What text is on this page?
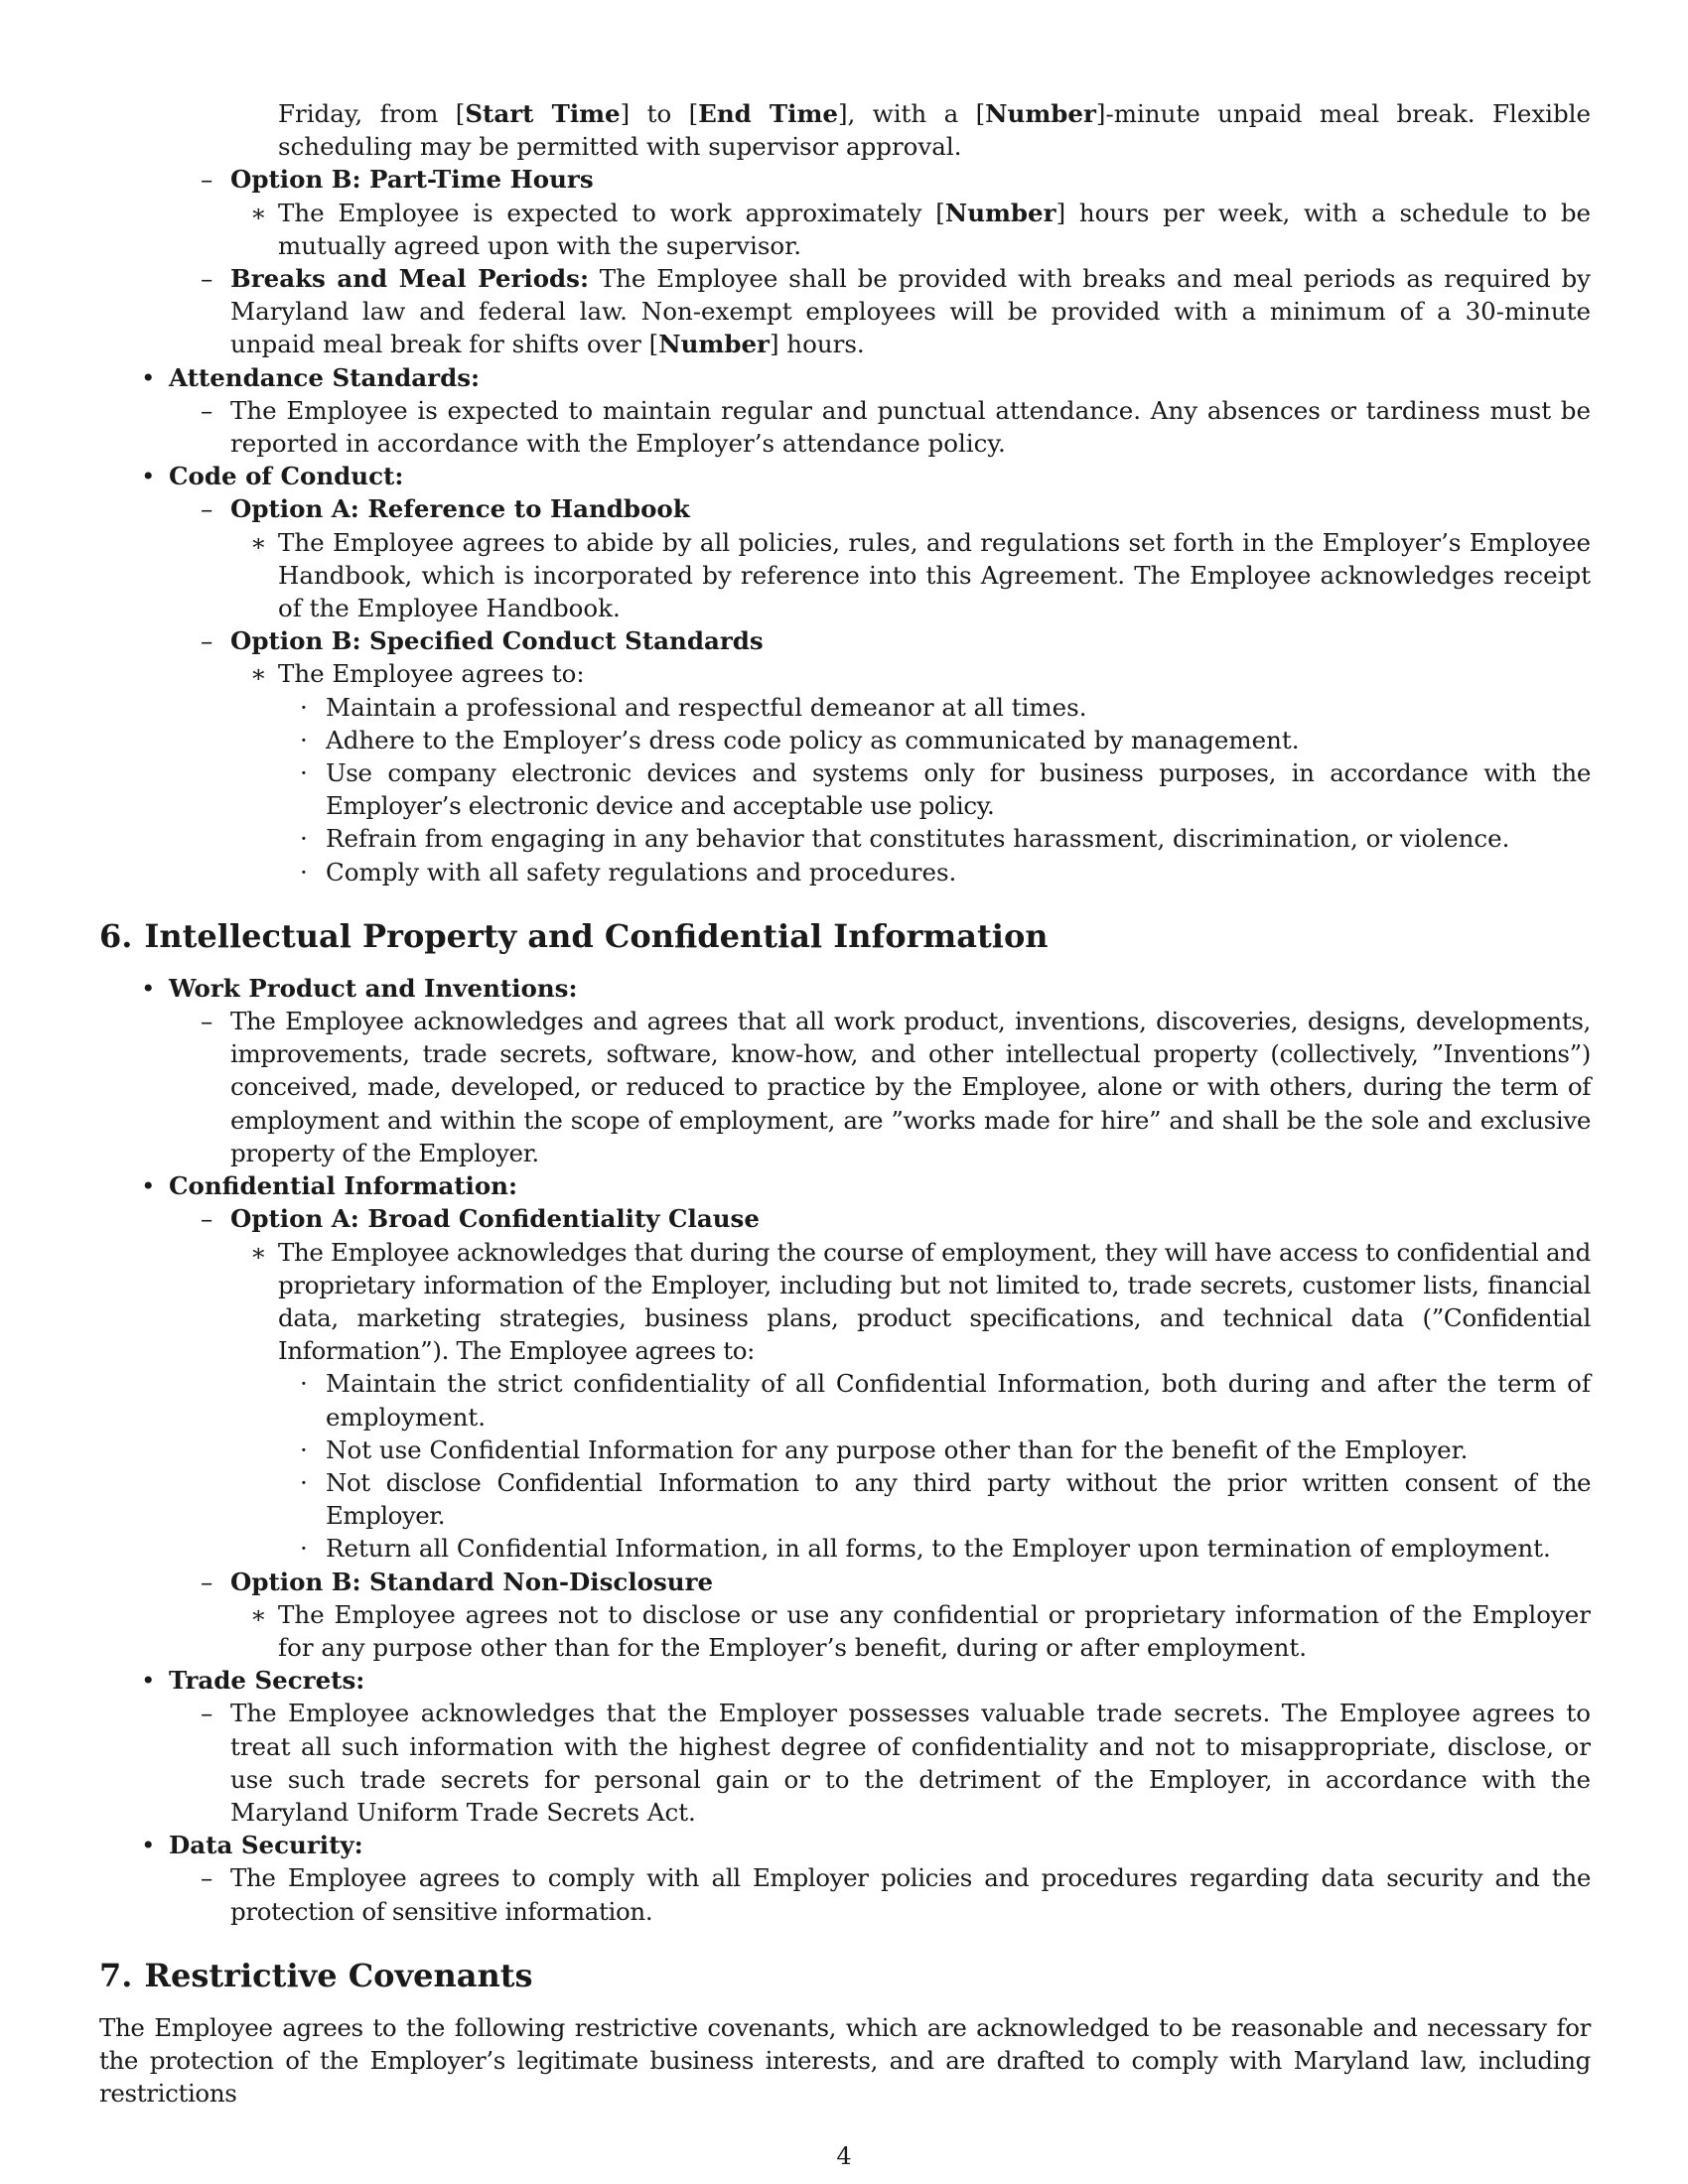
Friday, from [Start Time] to [End Time], with a [Number]-minute unpaid meal break. Flexible scheduling may be permitted with supervisor approval.
– Option B: Part-Time Hours
∗ The Employee is expected to work approximately [Number] hours per week, with a schedule to be mutually agreed upon with the supervisor.
– Breaks and Meal Periods: The Employee shall be provided with breaks and meal periods as required by Maryland law and federal law. Non-exempt employees will be provided with a minimum of a 30-minute unpaid meal break for shifts over [Number] hours.
• Attendance Standards:
– The Employee is expected to maintain regular and punctual attendance. Any absences or tardiness must be reported in accordance with the Employer’s attendance policy.
• Code of Conduct:
– Option A: Reference to Handbook
∗ The Employee agrees to abide by all policies, rules, and regulations set forth in the Employer’s Employee Handbook, which is incorporated by reference into this Agreement. The Employee acknowledges receipt of the Employee Handbook.
– Option B: Specified Conduct Standards
∗ The Employee agrees to:
· Maintain a professional and respectful demeanor at all times.
· Adhere to the Employer’s dress code policy as communicated by management.
· Use company electronic devices and systems only for business purposes, in accordance with the Employer’s electronic device and acceptable use policy.
· Refrain from engaging in any behavior that constitutes harassment, discrimination, or violence.
· Comply with all safety regulations and procedures.
6. Intellectual Property and Confidential Information
• Work Product and Inventions:
– The Employee acknowledges and agrees that all work product, inventions, discoveries, designs, developments, improvements, trade secrets, software, know-how, and other intellectual property (collectively, ”Inventions”) conceived, made, developed, or reduced to practice by the Employee, alone or with others, during the term of employment and within the scope of employment, are ”works made for hire” and shall be the sole and exclusive property of the Employer.
• Confidential Information:
– Option A: Broad Confidentiality Clause
∗ The Employee acknowledges that during the course of employment, they will have access to confidential and proprietary information of the Employer, including but not limited to, trade secrets, customer lists, financial data, marketing strategies, business plans, product specifications, and technical data (”Confidential Information”). The Employee agrees to:
· Maintain the strict confidentiality of all Confidential Information, both during and after the term of employment.
· Not use Confidential Information for any purpose other than for the benefit of the Employer.
· Not disclose Confidential Information to any third party without the prior written consent of the Employer.
· Return all Confidential Information, in all forms, to the Employer upon termination of employment.
– Option B: Standard Non-Disclosure
∗ The Employee agrees not to disclose or use any confidential or proprietary information of the Employer for any purpose other than for the Employer’s benefit, during or after employment.
• Trade Secrets:
– The Employee acknowledges that the Employer possesses valuable trade secrets. The Employee agrees to treat all such information with the highest degree of confidentiality and not to misappropriate, disclose, or use such trade secrets for personal gain or to the detriment of the Employer, in accordance with the Maryland Uniform Trade Secrets Act.
• Data Security:
– The Employee agrees to comply with all Employer policies and procedures regarding data security and the protection of sensitive information.
7. Restrictive Covenants
The Employee agrees to the following restrictive covenants, which are acknowledged to be reasonable and necessary for the protection of the Employer’s legitimate business interests, and are drafted to comply with Maryland law, including restrictions
4
